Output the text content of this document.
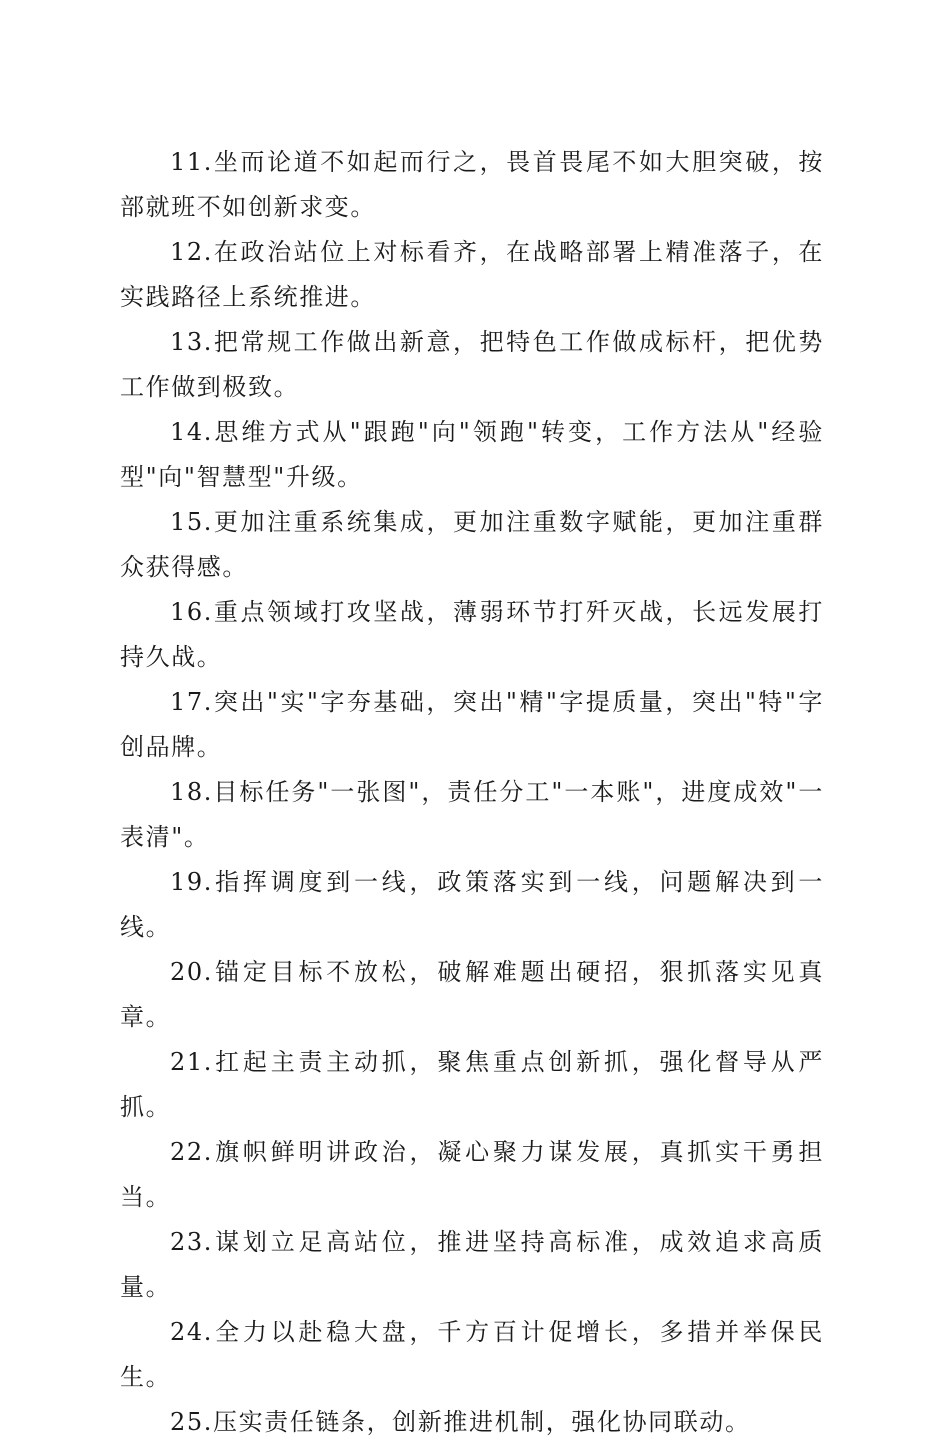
11.坐而论道不如起而行之，畏首畏尾不如大胆突破，按部就班不如创新求变。

12.在政治站位上对标看齐，在战略部署上精准落子，在实践路径上系统推进。

13.把常规工作做出新意，把特色工作做成标杆，把优势工作做到极致。

14.思维方式从"跟跑"向"领跑"转变，工作方法从"经验型"向"智慧型"升级。

15.更加注重系统集成，更加注重数字赋能，更加注重群众获得感。

16.重点领域打攻坚战，薄弱环节打歼灭战，长远发展打持久战。

17.突出"实"字夯基础，突出"精"字提质量，突出"特"字创品牌。

18.目标任务"一张图"，责任分工"一本账"，进度成效"一表清"。

19.指挥调度到一线，政策落实到一线，问题解决到一线。

20.锚定目标不放松，破解难题出硬招，狠抓落实见真章。

21.扛起主责主动抓，聚焦重点创新抓，强化督导从严抓。

22.旗帜鲜明讲政治，凝心聚力谋发展，真抓实干勇担当。

23.谋划立足高站位，推进坚持高标准，成效追求高质量。

24.全力以赴稳大盘，千方百计促增长，多措并举保民生。

25.压实责任链条，创新推进机制，强化协同联动。
